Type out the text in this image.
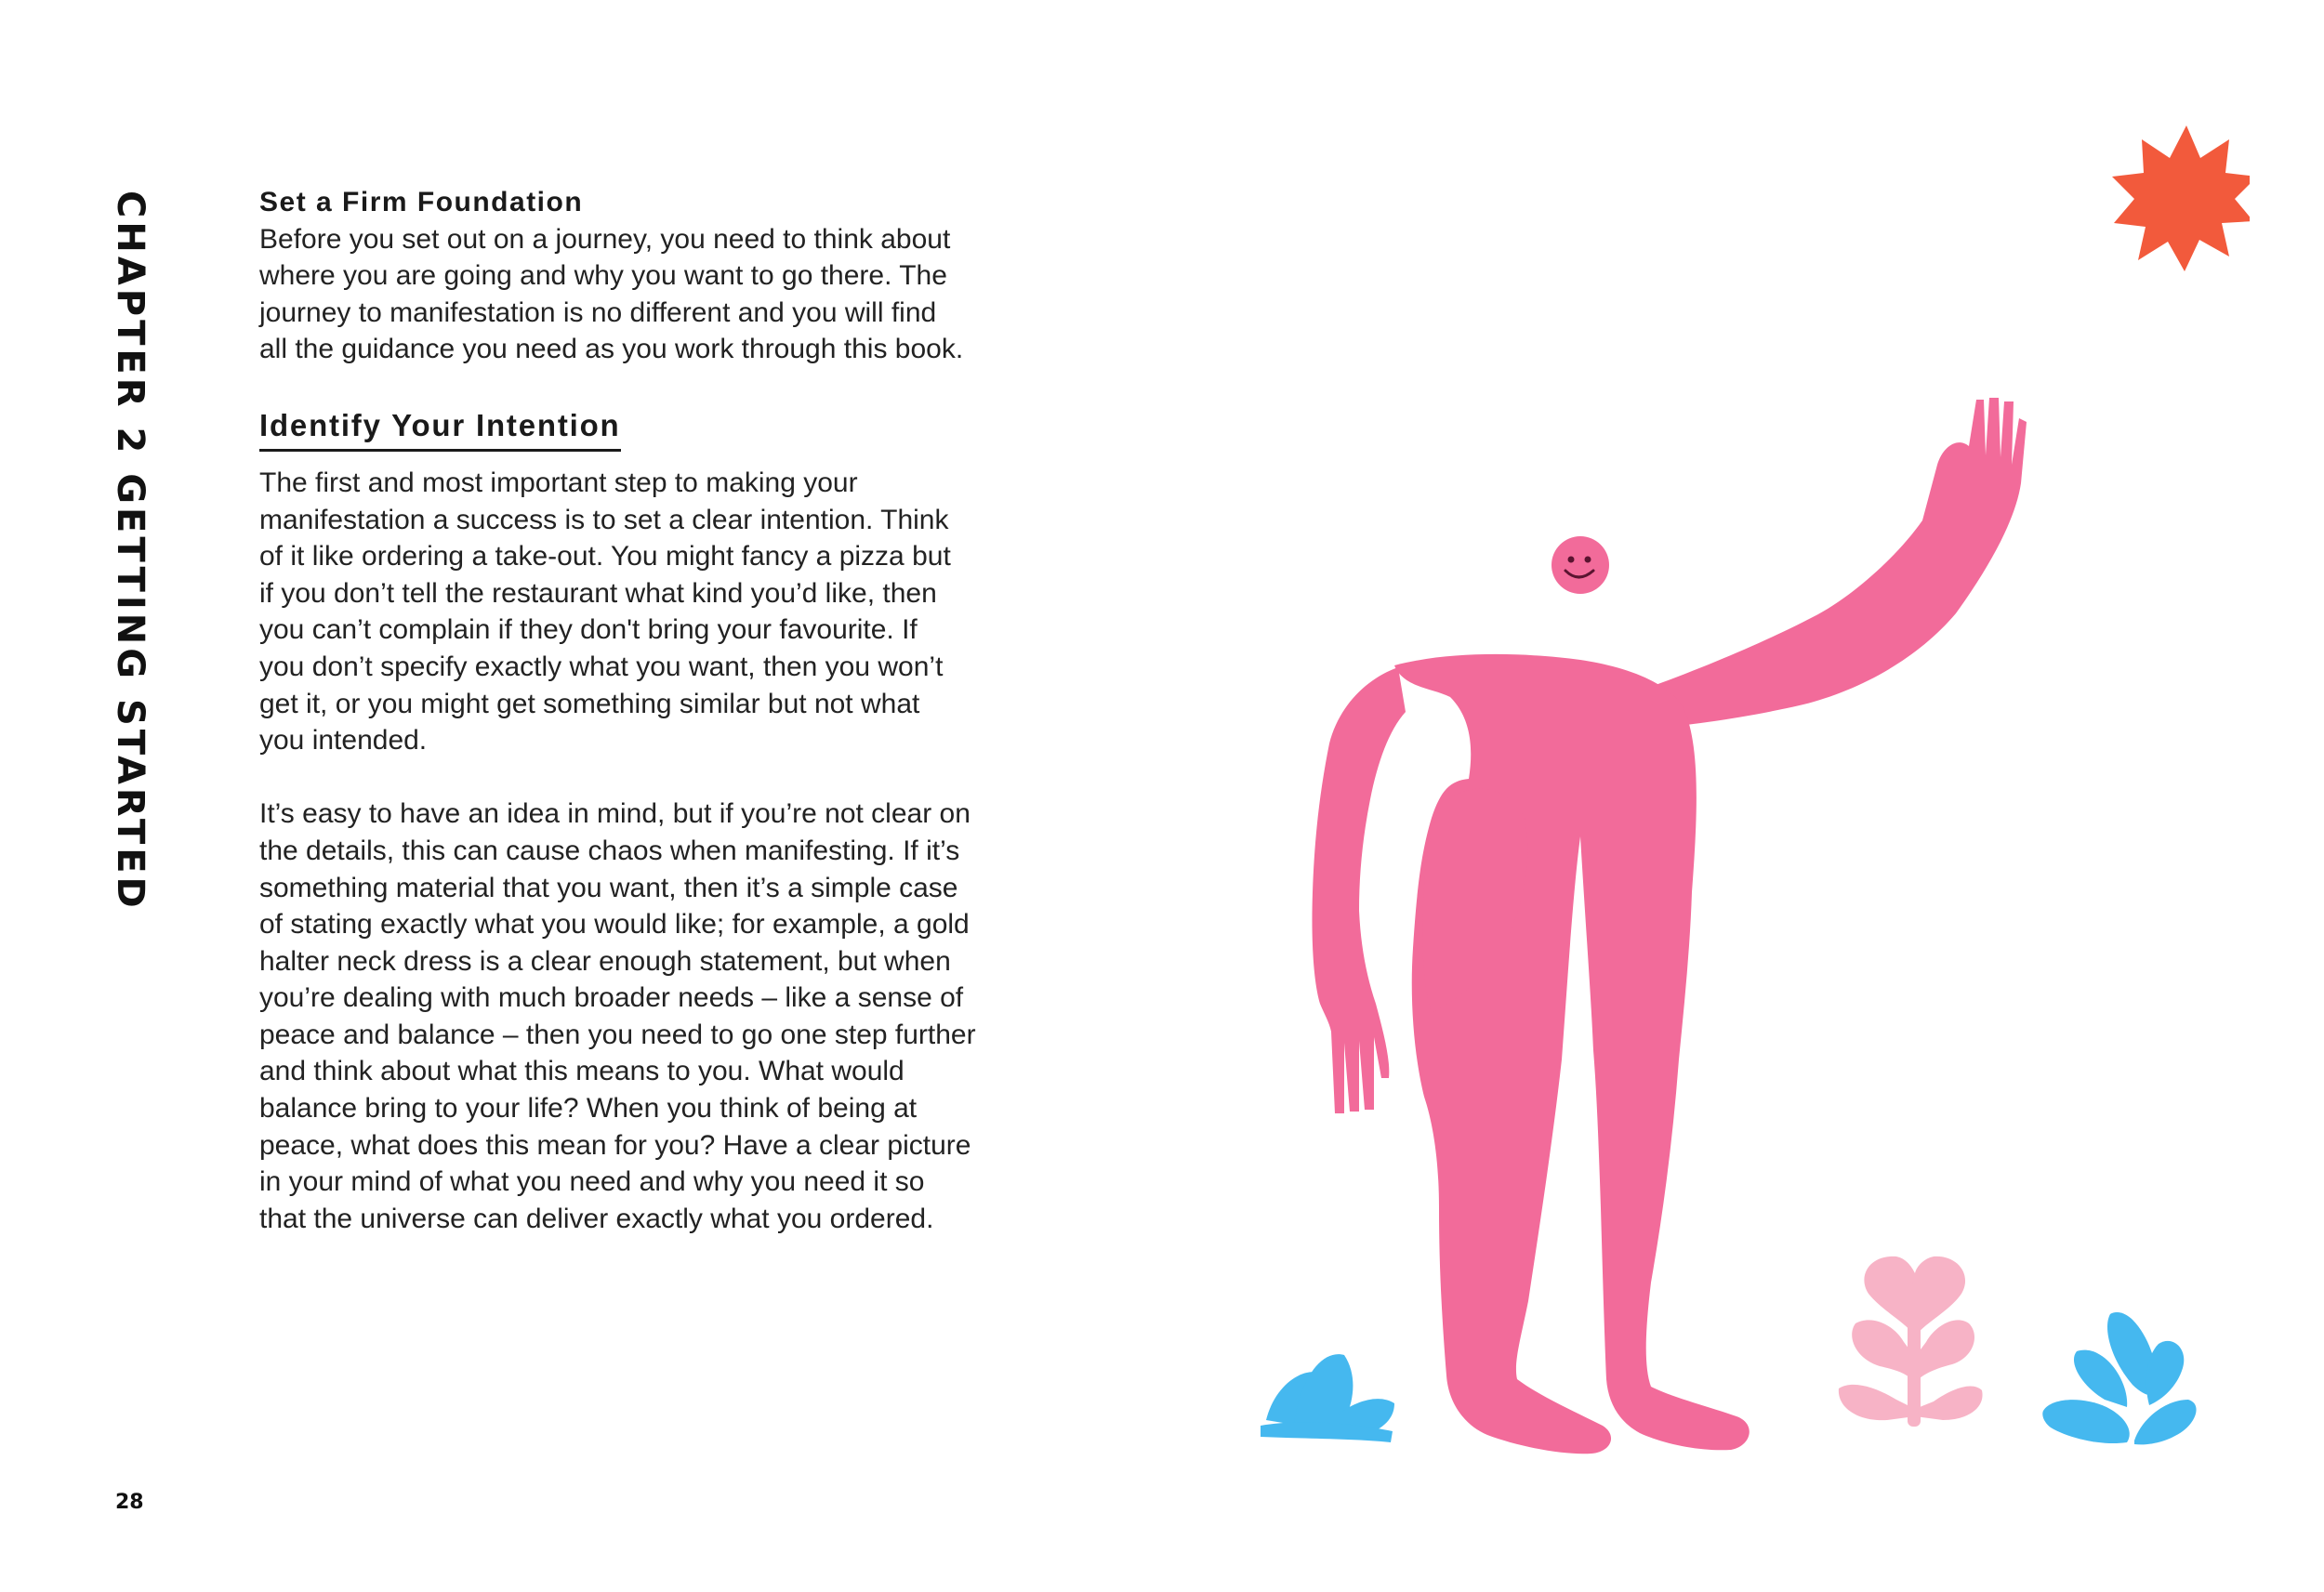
CHAPTER 2 GETTING STARTED	Set a Firm Foundation
Before you set out on a journey, you need to think about
where you are going and why you want to go there. The
journey to manifestation is no different and you will find
all the guidance you need as you work through this book.
Identify Your Intention
The first and most important step to making your
manifestation a success is to set a clear intention. Think
of it like ordering a take-out. You might fancy a pizza but
if you don’t tell the restaurant what kind you’d like, then
you can’t complain if they don't bring your favourite. If
you don’t specify exactly what you want, then you won’t
get it, or you might get something similar but not what
you intended.
It’s easy to have an idea in mind, but if you’re not clear on
the details, this can cause chaos when manifesting. If it’s
something material that you want, then it’s a simple case
of stating exactly what you would like; for example, a gold
halter neck dress is a clear enough statement, but when
you’re dealing with much broader needs – like a sense of
peace and balance – then you need to go one step further
and think about what this means to you. What would
balance bring to your life? When you think of being at
peace, what does this mean for you? Have a clear picture
in your mind of what you need and why you need it so
that the universe can deliver exactly what you ordered.
28
